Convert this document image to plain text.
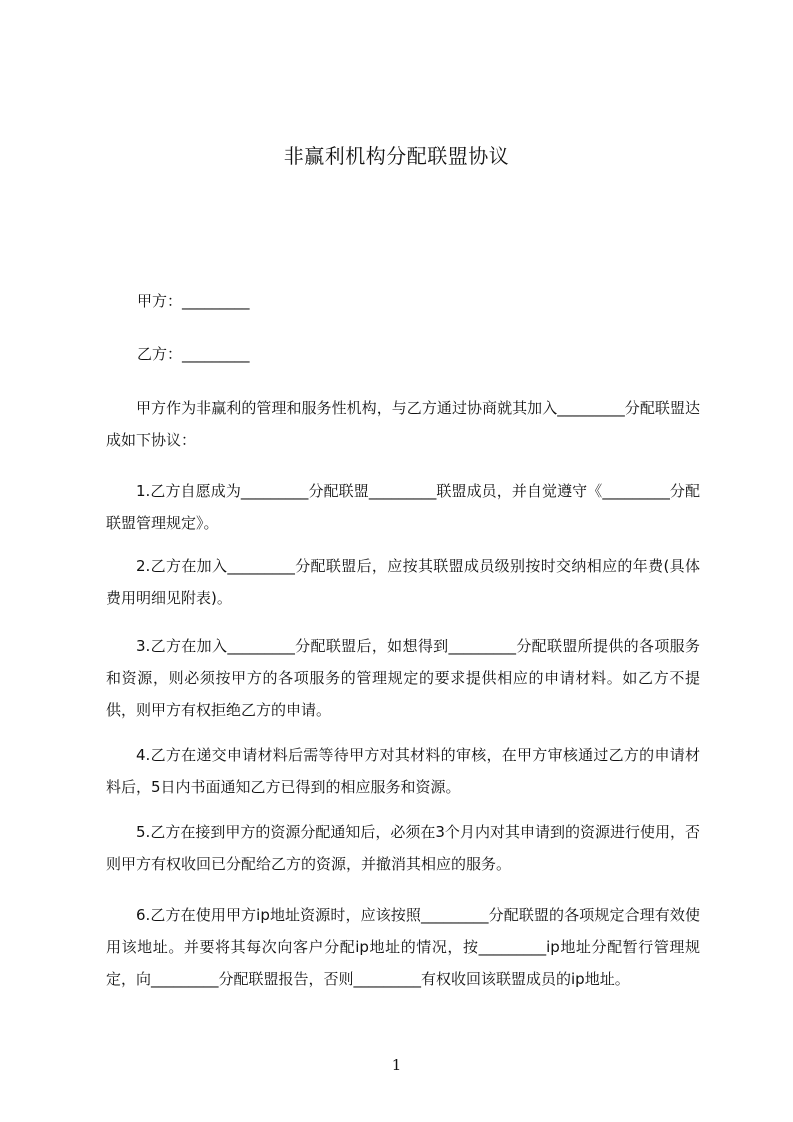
非赢利机构分配联盟协议
甲方：_________
乙方：_________
甲方作为非赢利的管理和服务性机构，与乙方通过协商就其加入_________分配联盟达成如下协议：
1.乙方自愿成为_________分配联盟_________联盟成员，并自觉遵守《_________分配联盟管理规定》。
2.乙方在加入_________分配联盟后，应按其联盟成员级别按时交纳相应的年费(具体费用明细见附表)。
3.乙方在加入_________分配联盟后，如想得到_________分配联盟所提供的各项服务和资源，则必须按甲方的各项服务的管理规定的要求提供相应的申请材料。如乙方不提供，则甲方有权拒绝乙方的申请。
4.乙方在递交申请材料后需等待甲方对其材料的审核，在甲方审核通过乙方的申请材料后，5日内书面通知乙方已得到的相应服务和资源。
5.乙方在接到甲方的资源分配通知后，必须在3个月内对其申请到的资源进行使用，否则甲方有权收回已分配给乙方的资源，并撤消其相应的服务。
6.乙方在使用甲方ip地址资源时，应该按照_________分配联盟的各项规定合理有效使用该地址。并要将其每次向客户分配ip地址的情况，按_________ip地址分配暂行管理规定，向_________分配联盟报告，否则_________有权收回该联盟成员的ip地址。
1
